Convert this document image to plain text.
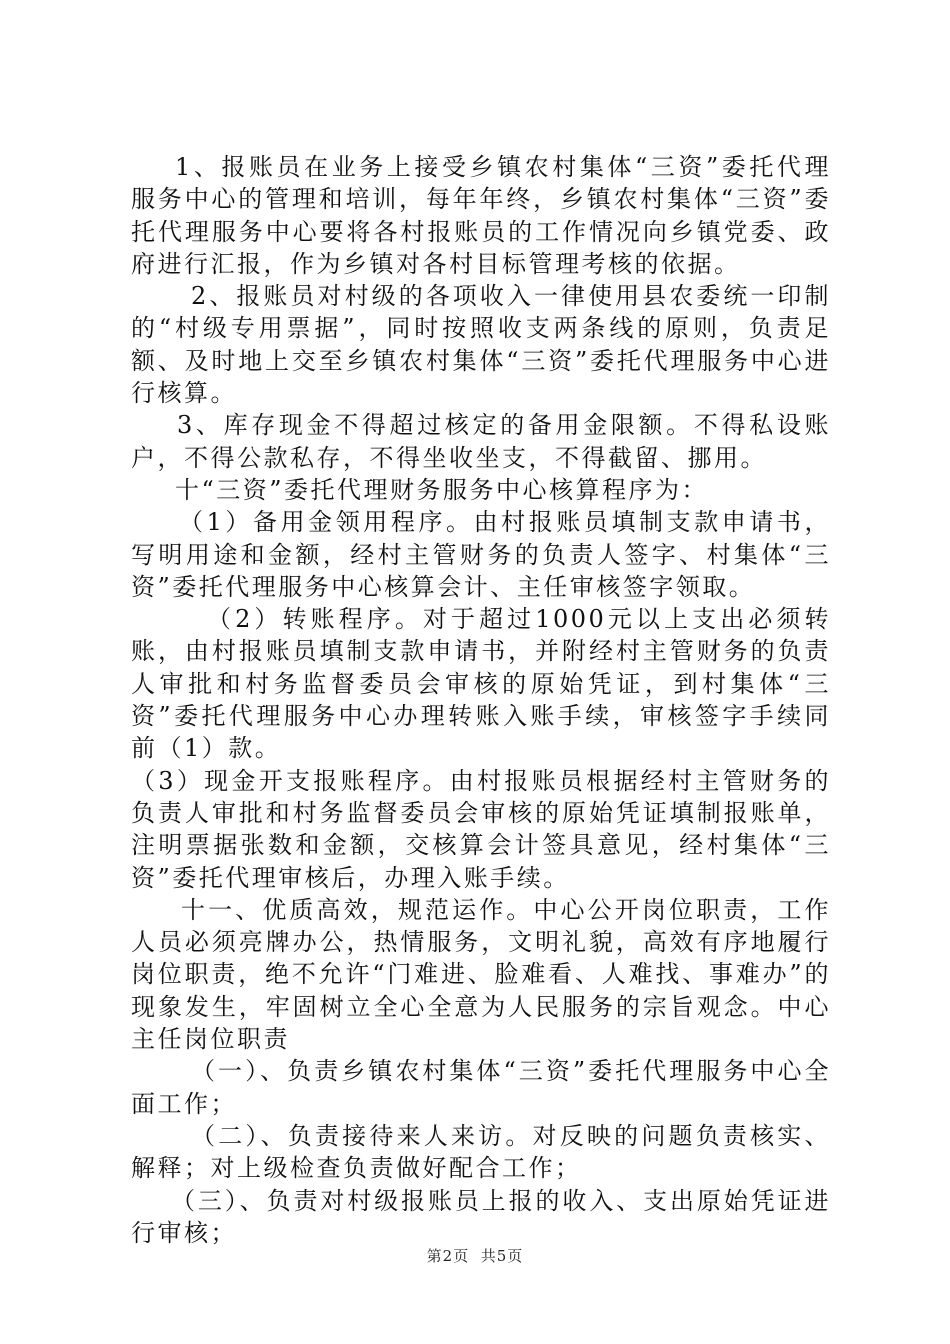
1、报账员在业务上接受乡镇农村集体“三资”委托代理服务中心的管理和培训，每年年终，乡镇农村集体“三资”委托代理服务中心要将各村报账员的工作情况向乡镇党委、政府进行汇报，作为乡镇对各村目标管理考核的依据。

2、报账员对村级的各项收入一律使用县农委统一印制的“村级专用票据”，同时按照收支两条线的原则，负责足额、及时地上交至乡镇农村集体“三资”委托代理服务中心进行核算。

3、库存现金不得超过核定的备用金限额。不得私设账户，不得公款私存，不得坐收坐支，不得截留、挪用。

十“三资”委托代理财务服务中心核算程序为：

（1）备用金领用程序。由村报账员填制支款申请书，写明用途和金额，经村主管财务的负责人签字、村集体“三资”委托代理服务中心核算会计、主任审核签字领取。

（2）转账程序。对于超过1000元以上支出必须转账，由村报账员填制支款申请书，并附经村主管财务的负责人审批和村务监督委员会审核的原始凭证，到村集体“三资”委托代理服务中心办理转账入账手续，审核签字手续同前（1）款。

（3）现金开支报账程序。由村报账员根据经村主管财务的负责人审批和村务监督委员会审核的原始凭证填制报账单，注明票据张数和金额，交核算会计签具意见，经村集体“三资”委托代理审核后，办理入账手续。

十一、优质高效，规范运作。中心公开岗位职责，工作人员必须亮牌办公，热情服务，文明礼貌，高效有序地履行岗位职责，绝不允许“门难进、脸难看、人难找、事难办”的现象发生，牢固树立全心全意为人民服务的宗旨观念。中心主任岗位职责

（一）、负责乡镇农村集体“三资”委托代理服务中心全面工作；

（二）、负责接待来人来访。对反映的问题负责核实、解释；对上级检查负责做好配合工作；

（三）、负责对村级报账员上报的收入、支出原始凭证进行审核；

第2页 共5页
